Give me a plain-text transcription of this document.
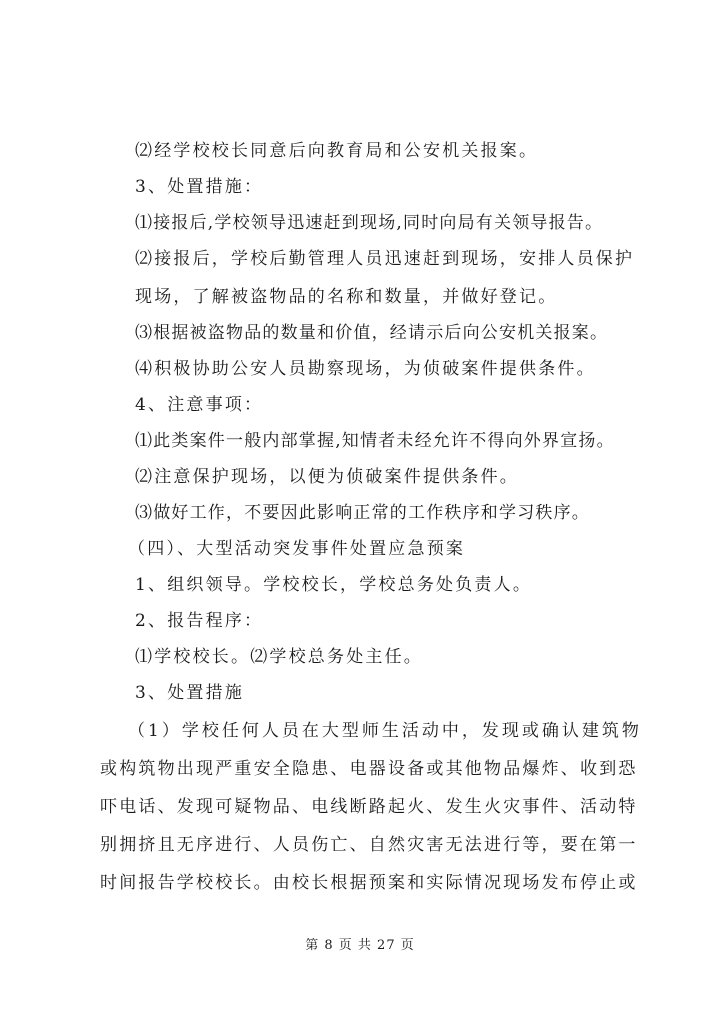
⑵经学校校长同意后向教育局和公安机关报案。
3、处置措施：
⑴接报后,学校领导迅速赶到现场,同时向局有关领导报告。
⑵接报后，学校后勤管理人员迅速赶到现场，安排人员保护
现场，了解被盗物品的名称和数量，并做好登记。
⑶根据被盗物品的数量和价值，经请示后向公安机关报案。
⑷积极协助公安人员勘察现场，为侦破案件提供条件。
4、注意事项：
⑴此类案件一般内部掌握,知情者未经允许不得向外界宣扬。
⑵注意保护现场，以便为侦破案件提供条件。
⑶做好工作，不要因此影响正常的工作秩序和学习秩序。
（四）、大型活动突发事件处置应急预案
1、组织领导。学校校长，学校总务处负责人。
2、报告程序：
⑴学校校长。⑵学校总务处主任。
3、处置措施
（1）学校任何人员在大型师生活动中，发现或确认建筑物
或构筑物出现严重安全隐患、电器设备或其他物品爆炸、收到恐
吓电话、发现可疑物品、电线断路起火、发生火灾事件、活动特
别拥挤且无序进行、人员伤亡、自然灾害无法进行等，要在第一
时间报告学校校长。由校长根据预案和实际情况现场发布停止或
第 8 页 共 27 页
